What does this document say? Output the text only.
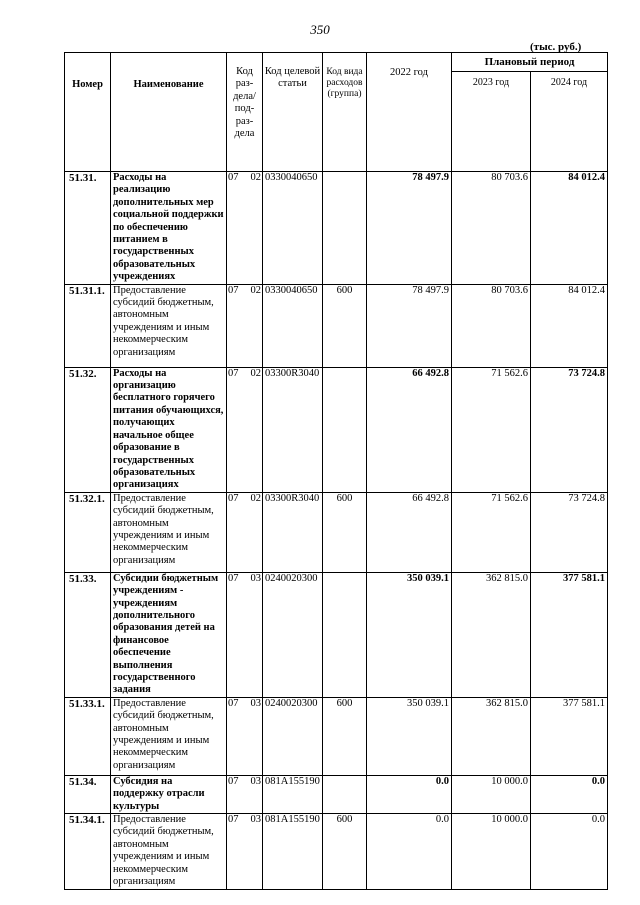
350
(тыс. руб.)
Номер	Наименование	Код раз-дела/ под-раз-дела	Код целевой статьи	Код вида расходов (группа)	2022 год	Плановый период	
						2023 год	2024 год
51.31.	Расходы на реализацию дополнительных мер социальной поддержки по обеспечению питанием в государственных образовательных учреждениях	07 02	0330040650		78 497.9	80 703.6	84 012.4
51.31.1.	Предоставление субсидий бюджетным, автономным учреждениям и иным некоммерческим организациям	07 02	0330040650	600	78 497.9	80 703.6	84 012.4
51.32.	Расходы на организацию бесплатного горячего питания обучающихся, получающих начальное общее образование в государственных образовательных организациях	07 02	03300R3040		66 492.8	71 562.6	73 724.8
51.32.1.	Предоставление субсидий бюджетным, автономным учреждениям и иным некоммерческим организациям	07 02	03300R3040	600	66 492.8	71 562.6	73 724.8
51.33.	Субсидии бюджетным учреждениям - учреждениям дополнительного образования детей на финансовое обеспечение выполнения государственного задания	07 03	0240020300		350 039.1	362 815.0	377 581.1
51.33.1.	Предоставление субсидий бюджетным, автономным учреждениям и иным некоммерческим организациям	07 03	0240020300	600	350 039.1	362 815.0	377 581.1
51.34.	Субсидия на поддержку отрасли культуры	07 03	081A155190		0.0	10 000.0	0.0
51.34.1.	Предоставление субсидий бюджетным, автономным учреждениям и иным некоммерческим организациям	07 03	081A155190	600	0.0	10 000.0	0.0
